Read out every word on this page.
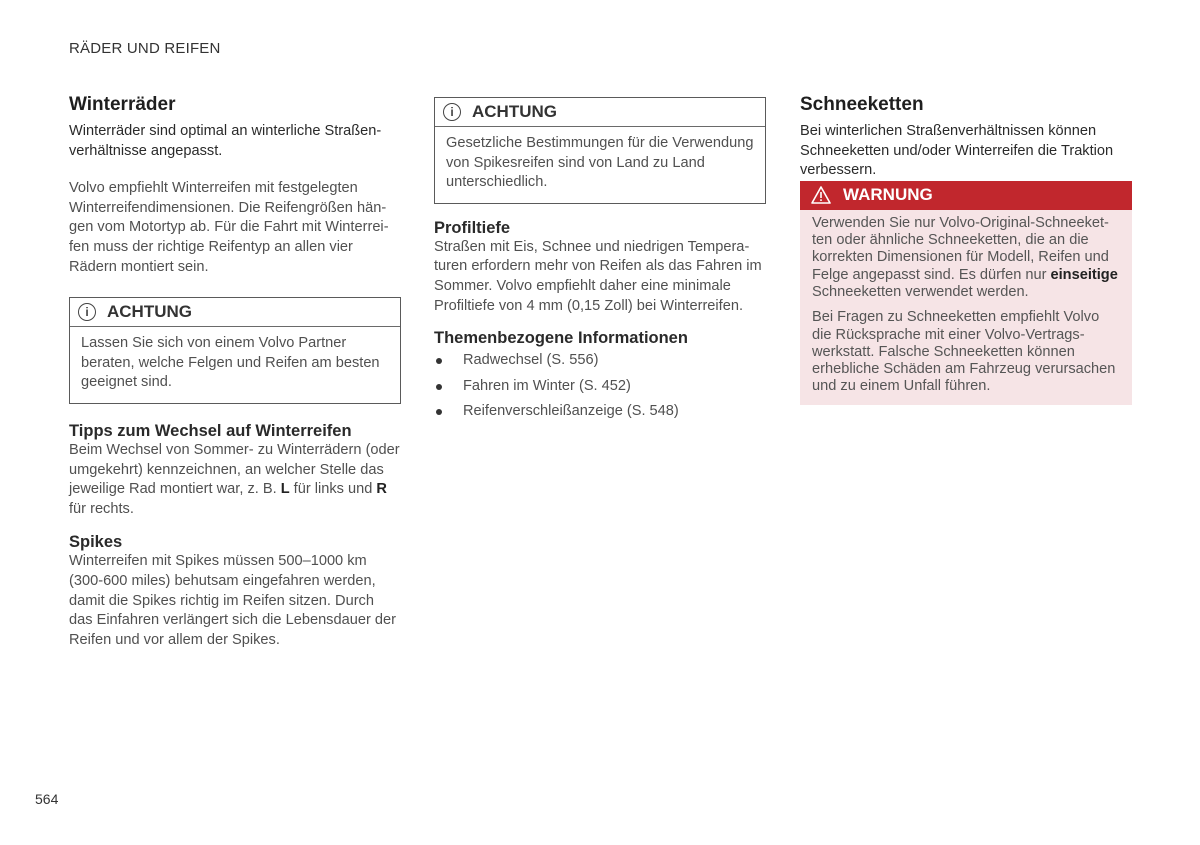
RÄDER UND REIFEN
Winterräder

Winterräder sind optimal an winterliche Straßenverhältnisse angepasst.

Volvo empfiehlt Winterreifen mit festgelegten Winterreifendimensionen. Die Reifengrößen hängen vom Motortyp ab. Für die Fahrt mit Winterreifen muss der richtige Reifentyp an allen vier Rädern montiert sein.

i	ACHTUNG
Lassen Sie sich von einem Volvo Partner beraten, welche Felgen und Reifen am besten geeignet sind.
Tipps zum Wechsel auf Winterreifen

Beim Wechsel von Sommer- zu Winterrädern (oder umgekehrt) kennzeichnen, an welcher Stelle das jeweilige Rad montiert war, z. B. L für links und R für rechts.

Spikes

Winterreifen mit Spikes müssen 500–1000 km (300-600 miles) behutsam eingefahren werden, damit die Spikes richtig im Reifen sitzen. Durch das Einfahren verlängert sich die Lebensdauer der Reifen und vor allem der Spikes.

i	ACHTUNG
Gesetzliche Bestimmungen für die Verwendung von Spikesreifen sind von Land zu Land unterschiedlich.
Profiltiefe

Straßen mit Eis, Schnee und niedrigen Temperaturen erfordern mehr von Reifen als das Fahren im Sommer. Volvo empfiehlt daher eine minimale Profiltiefe von 4 mm (0,15 Zoll) bei Winterreifen.

Themenbezogene Informationen
Radwechsel (S. 556)
Fahren im Winter (S. 452)
Reifenverschleißanzeige (S. 548)
Schneeketten

Bei winterlichen Straßenverhältnissen können Schneeketten und/oder Winterreifen die Traktion verbessern.

WARNUNG

Verwenden Sie nur Volvo-Original-Schneeketten oder ähnliche Schneeketten, die an die korrekten Dimensionen für Modell, Reifen und Felge angepasst sind. Es dürfen nur einseitige Schneeketten verwendet werden.

Bei Fragen zu Schneeketten empfiehlt Volvo die Rücksprache mit einer Volvo-Vertragswerkstatt. Falsche Schneeketten können erhebliche Schäden am Fahrzeug verursachen und zu einem Unfall führen.

564
